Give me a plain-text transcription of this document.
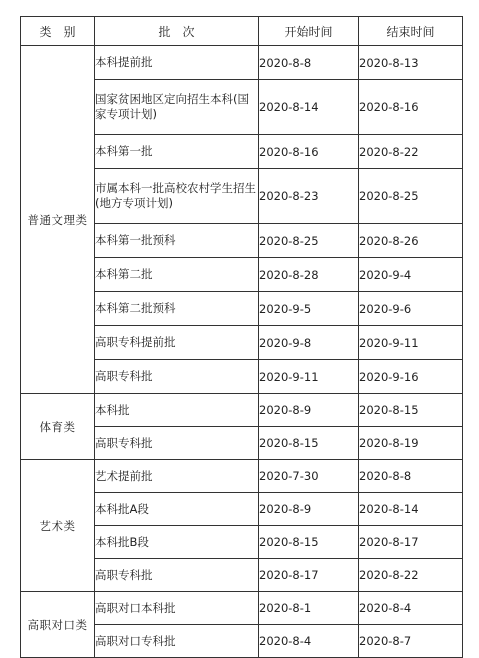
类　别	批　次	开始时间	结束时间
普通文理类	本科提前批	2020-8-8	2020-8-13
	国家贫困地区定向招生本科(国家专项计划)	2020-8-14	2020-8-16
	本科第一批	2020-8-16	2020-8-22
	市属本科一批高校农村学生招生(地方专项计划)	2020-8-23	2020-8-25
	本科第一批预科	2020-8-25	2020-8-26
	本科第二批	2020-8-28	2020-9-4
	本科第二批预科	2020-9-5	2020-9-6
	高职专科提前批	2020-9-8	2020-9-11
	高职专科批	2020-9-11	2020-9-16
体育类	本科批	2020-8-9	2020-8-15
	高职专科批	2020-8-15	2020-8-19
艺术类	艺术提前批	2020-7-30	2020-8-8
	本科批A段	2020-8-9	2020-8-14
	本科批B段	2020-8-15	2020-8-17
	高职专科批	2020-8-17	2020-8-22
高职对口类	高职对口本科批	2020-8-1	2020-8-4
	高职对口专科批	2020-8-4	2020-8-7
